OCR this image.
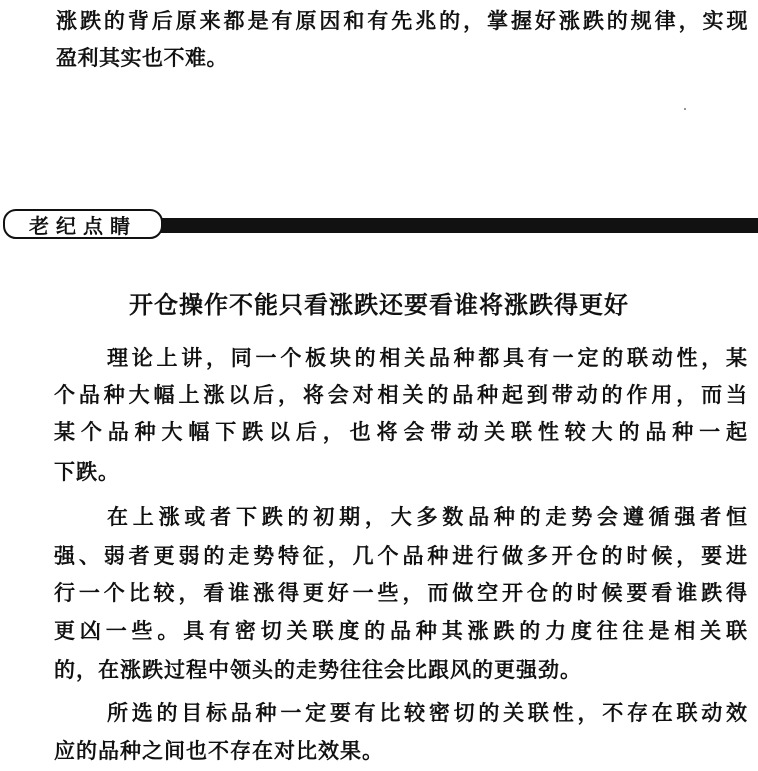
涨跌的背后原来都是有原因和有先兆的，掌握好涨跌的规律，实现
盈利其实也不难。
老纪点睛
开仓操作不能只看涨跌还要看谁将涨跌得更好
理论上讲，同一个板块的相关品种都具有一定的联动性，某
个品种大幅上涨以后，将会对相关的品种起到带动的作用，而当
某个品种大幅下跌以后，也将会带动关联性较大的品种一起
下跌。
在上涨或者下跌的初期，大多数品种的走势会遵循强者恒
强、弱者更弱的走势特征，几个品种进行做多开仓的时候，要进
行一个比较，看谁涨得更好一些，而做空开仓的时候要看谁跌得
更凶一些。具有密切关联度的品种其涨跌的力度往往是相关联
的，在涨跌过程中领头的走势往往会比跟风的更强劲。
所选的目标品种一定要有比较密切的关联性，不存在联动效
应的品种之间也不存在对比效果。
